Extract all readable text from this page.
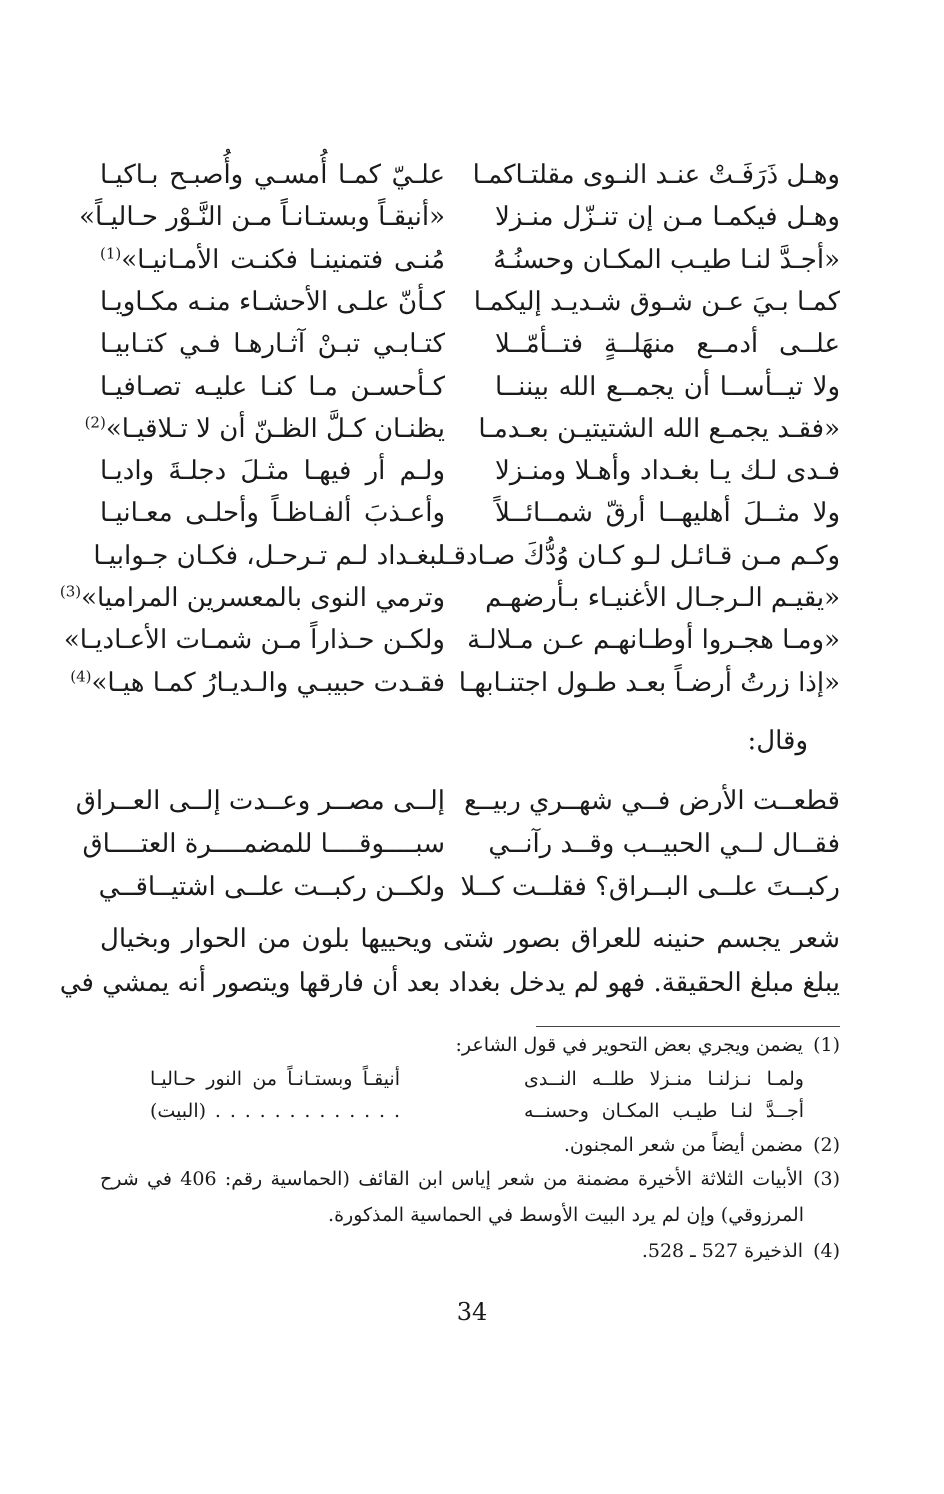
وهـل ذَرَفَـتْ عنـد النـوى مقلتـاكمـا
علـيّ كمـا أُمسـي وأُصبـح بـاكيـا
وهـل فيكمـا مـن إن تنـزّل منـزلا
«أنيقـاً وبستـانـاً مـن النَّـوْر حـاليـاً»
«أجـدَّ لنـا طيـب المكـان وحسنُـهُ
مُنـى فتمنينـا فكنـت الأمـانيـا»$^{(1)}$
كمـا بـيَ عـن شـوق شـديـد إليكمـا
كـأنّ علـى الأحشـاء منـه مكـاويـا
علــى أدمــع منهَلــةٍ فتــأمّــلا
كتـابـي تبـنْ آثـارهـا فـي كتـابيـا
ولا تيــأســا أن يجمــع الله بيننــا
كـأحسـن مـا كنـا عليـه تصـافيـا
«فقـد يجمـع الله الشتيتيـن بعـدمـا
يظنـان كـلَّ الظـنّ أن لا تـلاقيـا»$^{(2)}$
فـدى لـك يـا بغـداد وأهـلا ومنـزلا
ولـم أر فيهـا مثـلَ دجلـةَ واديـا
ولا مثــلَ أهليهــا أرقّ شمــائــلاً
وأعـذبَ ألفـاظـاً وأحلـى معـانيـا
وكـم مـن قـائـل لـو كـان وُدُّكَ صـادقـا
لبغـداد لـم تـرحـل، فكـان جـوابيـا
«يقيـم الـرجـال الأغنيـاء بـأرضهـم
وترمي النوى بالمعسرين المراميا»$^{(3)}$
«ومـا هجـروا أوطـانهـم عـن مـلالـة
ولكـن حـذاراً مـن شمـات الأعـاديـا»
«إذا زرتُ أرضـاً بعـد طـول اجتنـابهـا
فقـدت حبيبـي والـديـارُ كمـا هيـا»$^{(4)}$
وقال:
قطعــت الأرض فــي شهــري ربيــع
إلــى مصــر وعــدت إلــى العــراق
فقــال لــي الحبيــب وقــد رآنــي
سبــــوقــــا للمضمــــرة العتــــاق
ركبــتَ علــى البــراق؟ فقلــت كــلا
ولكــن ركبــت علــى اشتيــاقــي
شعر يجسم حنينه للعراق بصور شتى ويحييها بلون من الحوار وبخيال
يبلغ مبلغ الحقيقة. فهو لم يدخل بغداد بعد أن فارقها ويتصور أنه يمشي في
(1)يضمن ويجري بعض التحوير في قول الشاعر:
ولمـا نـزلنـا منـزلا طلــه النــدى
أنيقـاً وبستـانـاً من النور حـاليـا
أجــدَّ لنـا طيـب المكـان وحسنــه
. . . . . . . . . . . . . (البيت)
(2)مضمن أيضاً من شعر المجنون.
(3)الأبيات الثلاثة الأخيرة مضمنة من شعر إياس ابن القائف (الحماسية رقم: 406 في شرح
المرزوقي) وإن لم يرد البيت الأوسط في الحماسية المذكورة.
(4)الذخيرة 527 ـ 528.
34
